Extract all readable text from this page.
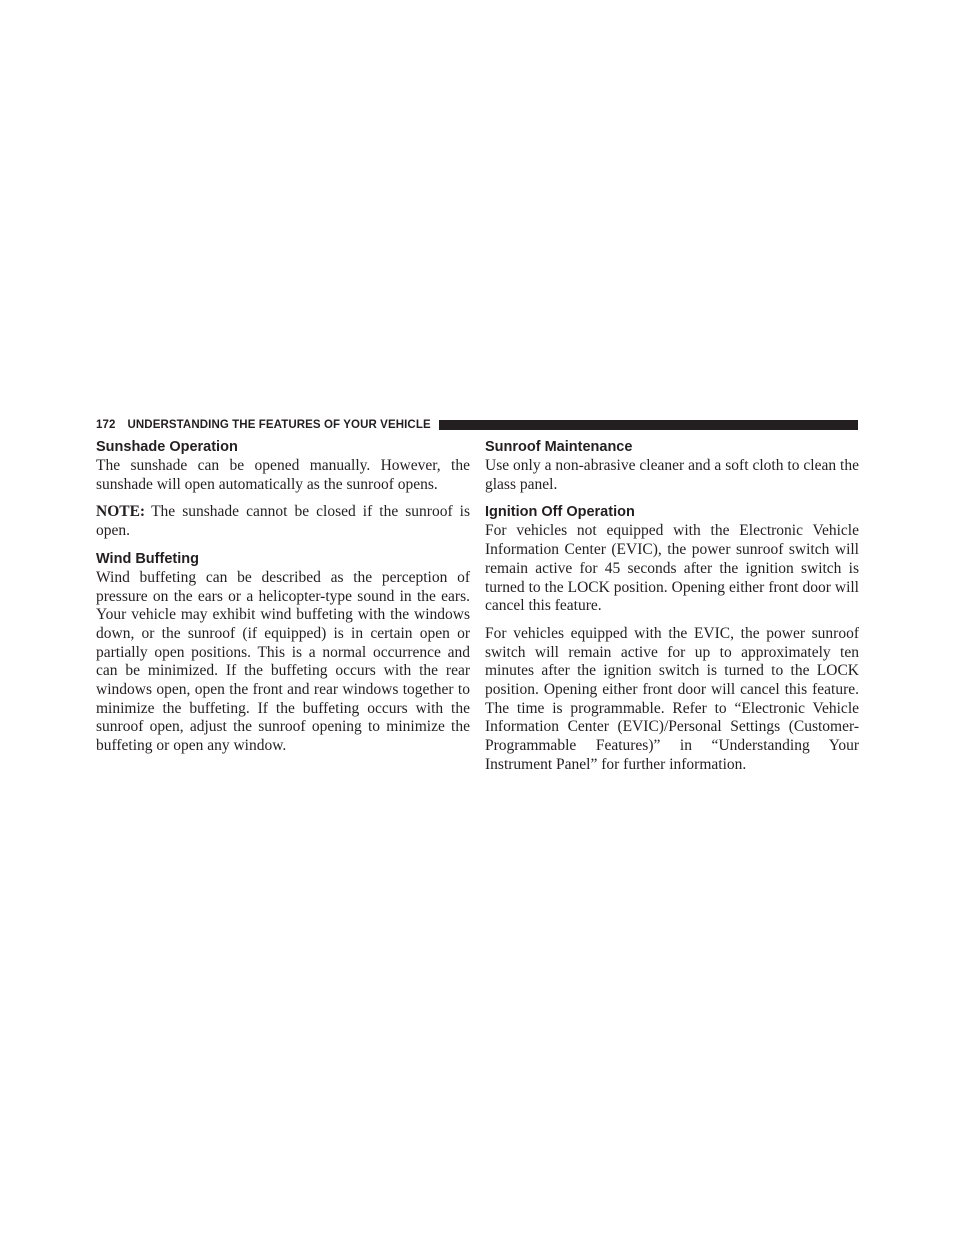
172 UNDERSTANDING THE FEATURES OF YOUR VEHICLE
Sunshade Operation

The sunshade can be opened manually. However, the sunshade will open automatically as the sunroof opens.

NOTE: The sunshade cannot be closed if the sunroof is open.

Wind Buffeting

Wind buffeting can be described as the perception of pressure on the ears or a helicopter-type sound in the ears. Your vehicle may exhibit wind buffeting with the windows down, or the sunroof (if equipped) is in certain open or partially open positions. This is a normal occurrence and can be minimized. If the buffeting occurs with the rear windows open, open the front and rear windows together to minimize the buffeting. If the buffeting occurs with the sunroof open, adjust the sunroof opening to minimize the buffeting or open any window.

Sunroof Maintenance

Use only a non-abrasive cleaner and a soft cloth to clean the glass panel.

Ignition Off Operation

For vehicles not equipped with the Electronic Vehicle Information Center (EVIC), the power sunroof switch will remain active for 45 seconds after the ignition switch is turned to the LOCK position. Opening either front door will cancel this feature.

For vehicles equipped with the EVIC, the power sunroof switch will remain active for up to approximately ten minutes after the ignition switch is turned to the LOCK position. Opening either front door will cancel this feature. The time is programmable. Refer to “Electronic Vehicle Information Center (EVIC)/Personal Settings (Customer-Programmable Features)” in “Understanding Your Instrument Panel” for further information.
